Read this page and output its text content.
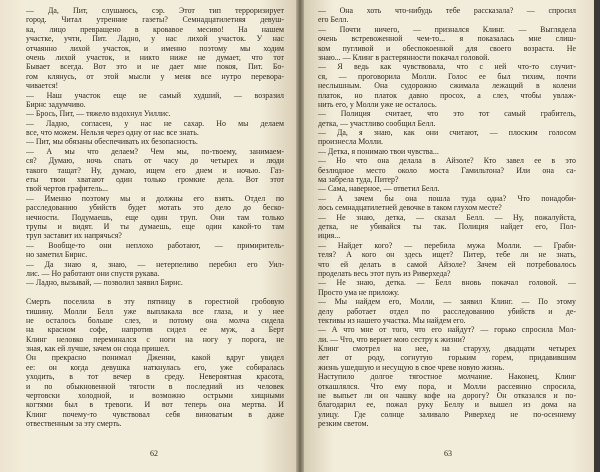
— Да, Пит, слушаюсь, сэр. Этот тип терроризирует
город. Читал утренние газеты? Семнадцатилетняя девуш-
ка, лицо превращено в кровавое месиво! На нашем
участке, учти, Пит. Ладно, у нас лихой участок. У нас
отчаянно лихой участок, и именно поэтому мы ходим
очень лихой участок, и никто ниже не думает, что тот
Бывает всегда. Вот это и не дает мне покоя, Пит. Бо-
гом клянусь, от этой мысли у меня все нутро перевора-
чивается!
— Наш участок еще не самый худший, — возразил
Бирнс задумчиво.
— Брось, Пит, — тяжело вздохнул Уиллис.
— Ладно, согласен, у нас не сахар. Но мы делаем
все, что можем. Нельзя через одну от нас все знать.
— Пит, мы обязаны обеспечивать их безопасность.
— А мы что делаем? Чем мы, по-твоему, занимаем-
ся? Думаю, ночь спать от часу до четырех и люди
такого тащат? Ну, думаю, ищем его днем и ночью. Газ-
еты твои хватают один только громкие дела. Вот этот
твой чертов графитель...
— Именно поэтому мы и должны его взять. Отдел по
расследованию убийств будет мотать это дело до беско-
нечности. Подумаешь, еще один труп. Они там только
трупы и видят. И ты думаешь, еще один какой-то там
труп заставит их напрячься?
— Вообще-то они неплохо работают, — примиритель-
но заметил Бирнс.
— Да знаю я, знаю, — нетерпеливо перебил его Уил-
лис. — Но работают они спустя рукава.
— Ладно, вызывай, — позволил заявил Бирнс.
Смерть поселила в эту пятницу в горестной гробовую
тишину. Молли Белл уже выплакала все глаза, и у нее
не осталось больше слез, и потому она молча сидела
на красном софе, напротив сидел ее муж, а Берт
Клинг неловко переминался с ноги на ногу у порога, не
зная, как ей лучше, зачем он сюда пришел.
Он прекрасно понимал Дженни, какой вдруг увидел
ее: он когда девушка наткнулась его, уже собиралась
уходить, в тот вечер в среду. Невероятная красота,
и по обыкновенной тягости в последний из человек
чертовски холодной, и возможно острыми хищными
когтями был в тревоги. И вот теперь она мертва. И
Клинг почему-то чувствовал себя виноватым в даже
отвественным за эту смерть.
62
— Она хоть что-нибудь тебе рассказала? — спросил
его Белл.
— Почти ничего, — признался Клинг. — Выглядела
очень встревоженной чем-то... я показалась мне слиш-
ком пугливой и обеспокоенной для своего возраста. Не
знаю... — Клинг в растерянности покачал головой.
— Я ведь как чувствовала, что с ней что-то случит-
ся, — проговорила Молли. Голос ее был тихим, почти
неслышным. Она судорожно сжимала лежащий в колени
платок, но платок давно просох, а слез, чтобы увлаж-
нить его, у Молли уже не осталось.
— Полиция считает, что это тот самый грабитель,
детка, — участливо сообщил Белл.
— Да, я знаю, как они считают, — плоским голосом
произнесла Молли.
— Детка, я понимаю твои чувства...
— Но что она делала в Айзоле? Кто завел ее в это
безлюдное место около моста Гамильтона? Или она са-
ма забрела туда, Питер?
— Сама, наверное, — ответил Белл.
— А зачем бы она пошла туда одна? Что понадоби-
лось семнадцатилетней девочке в таком глухом месте?
— Не знаю, детка, — сказал Белл. — Ну, пожалуйста,
детка, не убивайся ты так. Полиция найдет его, Пол-
иция...
— Найдет кого? — перебила мужа Молли. — Граби-
теля? А кого он здесь ищет? Питер, тебе ли не знать,
что ей делать в самой Айзоле? Зачем ей потребовалось
проделать весь этот путь из Риверхеда?
— Не знаю, детка. — Белл вновь покачал головой. —
Просто ума не приложу.
— Мы найдем его, Молли, — заявил Клинг. — По этому
делу работает отдел по расследованию убийств и де-
тективы из нашего участка. Мы найдем его.
— А что мне от того, что его найдут? — горько спросила Мол-
ли. — Что, что вернет мою сестру к жизни?
Клинг смотрел на нее, на старуху, двадцати четырех
лет от роду, согнутую горьким горем, придавившим
жизнь ушедшую и несущую в свое чреве новую жизнь.
Наступило долгое тягостное молчание. Наконец, Клинг
откашлялся. Что ему пора, и Молли рассеянно спросила,
не выпьет ли он чашку кофе на дорогу? Он отказался и по-
благодарил ее, пожал руку Беллу и вышел из дома на
улицу. Где солнце заливало Риверхед не по-осеннему
резким светом.
63
